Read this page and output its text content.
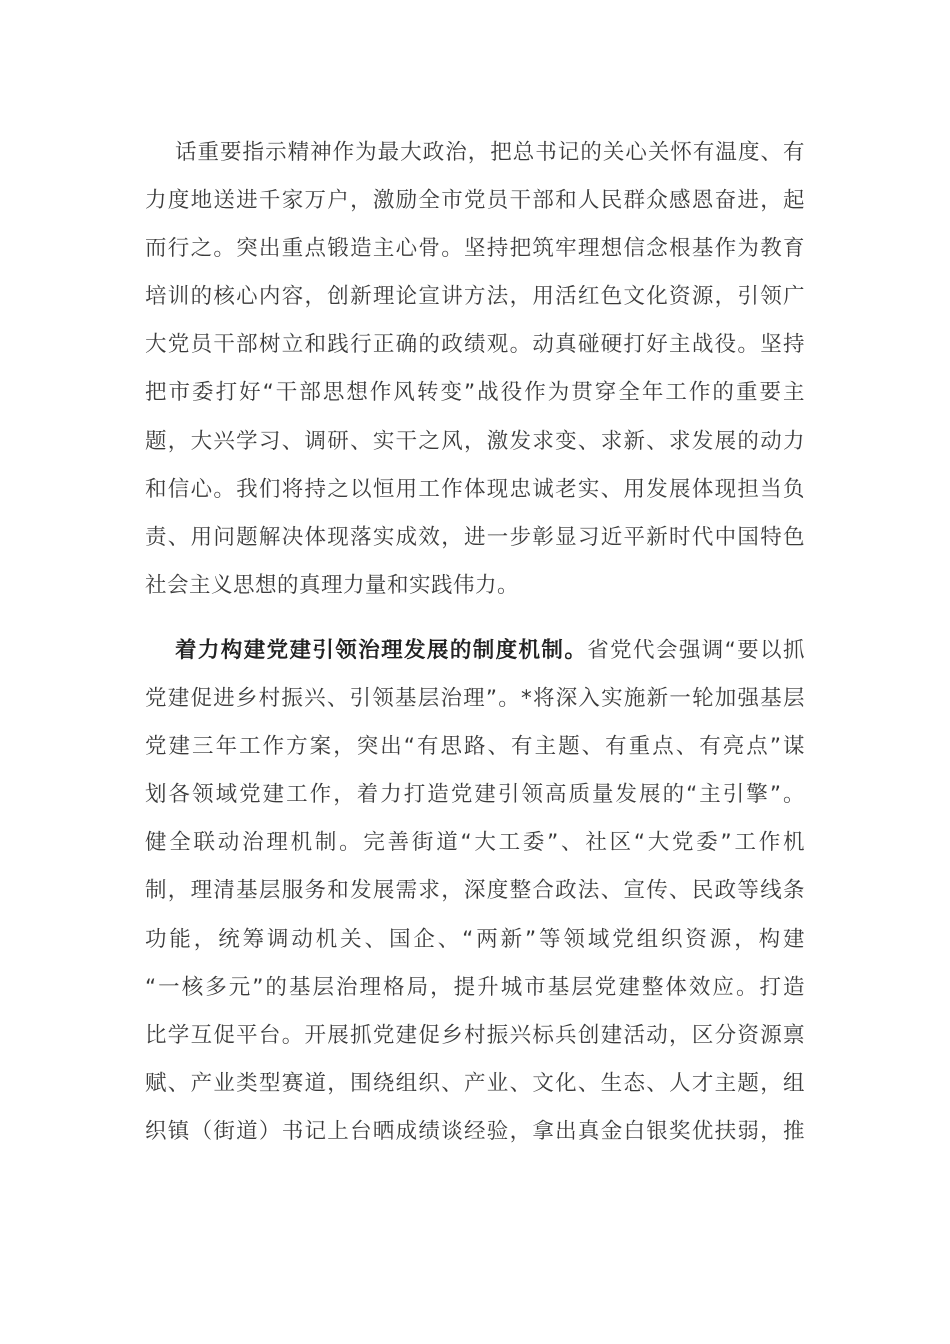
话重要指示精神作为最大政治，把总书记的关心关怀有温度、有
力度地送进千家万户，激励全市党员干部和人民群众感恩奋进，起
而行之。突出重点锻造主心骨。坚持把筑牢理想信念根基作为教育
培训的核心内容，创新理论宣讲方法，用活红色文化资源，引领广
大党员干部树立和践行正确的政绩观。动真碰硬打好主战役。坚持
把市委打好“干部思想作风转变”战役作为贯穿全年工作的重要主
题，大兴学习、调研、实干之风，激发求变、求新、求发展的动力
和信心。我们将持之以恒用工作体现忠诚老实、用发展体现担当负
责、用问题解决体现落实成效，进一步彰显习近平新时代中国特色
社会主义思想的真理力量和实践伟力。
着力构建党建引领治理发展的制度机制。省党代会强调“要以抓
党建促进乡村振兴、引领基层治理”。*将深入实施新一轮加强基层
党建三年工作方案，突出“有思路、有主题、有重点、有亮点”谋
划各领域党建工作，着力打造党建引领高质量发展的“主引擎”。
健全联动治理机制。完善街道“大工委”、社区“大党委”工作机
制，理清基层服务和发展需求，深度整合政法、宣传、民政等线条
功能，统筹调动机关、国企、“两新”等领域党组织资源，构建
“一核多元”的基层治理格局，提升城市基层党建整体效应。打造
比学互促平台。开展抓党建促乡村振兴标兵创建活动，区分资源禀
赋、产业类型赛道，围绕组织、产业、文化、生态、人才主题，组
织镇（街道）书记上台晒成绩谈经验，拿出真金白银奖优扶弱，推
